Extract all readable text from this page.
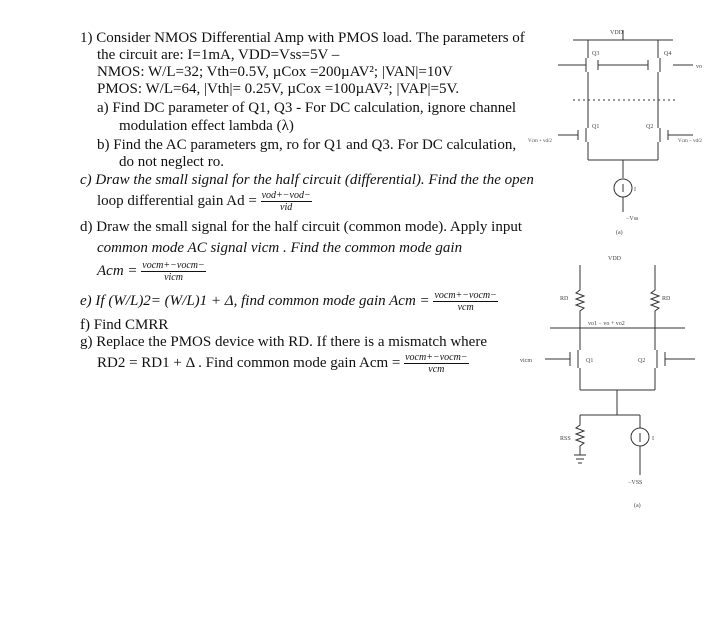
1) Consider NMOS Differential Amp with PMOS load. The parameters of
the circuit are: I=1mA, VDD=Vss=5V –
NMOS: W/L=32; Vth=0.5V, µCox =200µAV²; |VAN|=10V
PMOS: W/L=64, |Vth|= 0.25V, µCox =100µAV²; |VAP|=5V.
a) Find DC parameter of Q1, Q3 - For DC calculation, ignore channel
modulation effect lambda (λ)
b) Find the AC parameters gm, ro for Q1 and Q3. For DC calculation,
do not neglect ro.
c) Draw the small signal for the half circuit (differential). Find the the open
loop differential gain $Ad = \frac{\text{vod+−vod−}}{\text{vid}}$
d) Draw the small signal for the half circuit (common mode). Apply input
common mode AC signal vicm . Find the common mode gain
Acm = $\frac{\text{vocm+−vocm−}}{\text{vicm}}$
e) If (W/L)2= (W/L)1 + Δ, find common mode gain Acm = $\frac{\text{vocm+−vocm−}}{\text{vcm}}$
f) Find CMRR
g) Replace the PMOS device with RD. If there is a mismatch where
RD2 = RD1 + Δ . Find common mode gain Acm = $\frac{\text{vocm+−vocm−}}{\text{vcm}}$
VDD
Q3	Q4
Q1	Q2
Vcm + vd/2	Vcm − vd/2
vo
I
−Vss
(a)
VDD
RD	RD
Q1	Q2
vicm
vo1 − vo + vo2
RSS	I
−VSS
(a)
